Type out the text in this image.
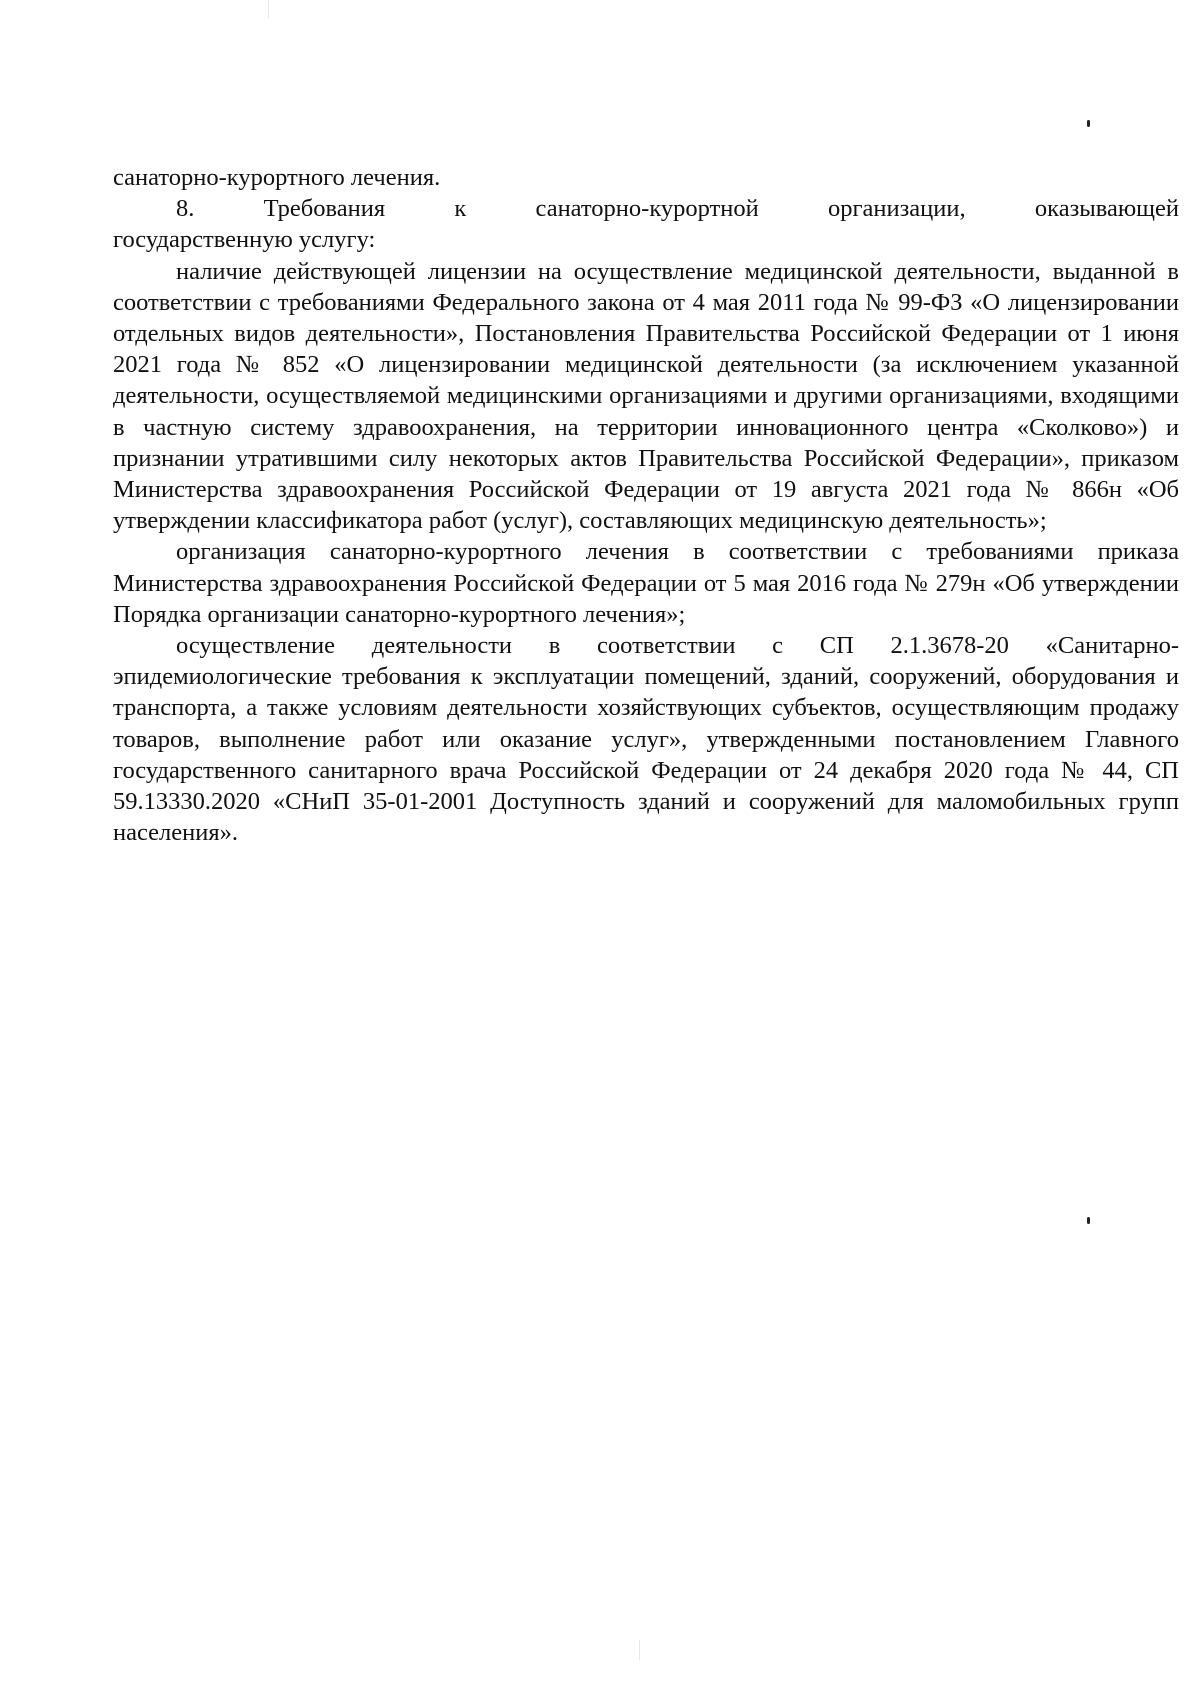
санаторно-курортного лечения.

8.	Требования	к	санаторно-курортной	организации,	оказывающей

государственную услугу:

наличие действующей лицензии на осуществление медицинской деятельности, выданной в соответствии с требованиями Федерального закона от 4 мая 2011 года № 99-ФЗ «О лицензировании отдельных видов деятельности», Постановления Правительства Российской Федерации от 1 июня 2021 года № 852 «О лицензировании медицинской деятельности (за исключением указанной деятельности, осуществляемой медицинскими организациями и другими организациями, входящими в частную систему здравоохранения, на территории инновационного центра «Сколково») и признании утратившими силу некоторых актов Правительства Российской Федерации», приказом Министерства здравоохранения Российской Федерации от 19 августа 2021 года № 866н «Об утверждении классификатора работ (услуг), составляющих медицинскую деятельность»;

организация санаторно-курортного лечения в соответствии с требованиями приказа Министерства здравоохранения Российской Федерации от 5 мая 2016 года № 279н «Об утверждении Порядка организации санаторно-курортного лечения»;

осуществление деятельности в соответствии с СП 2.1.3678-20 «Санитарно-эпидемиологические требования к эксплуатации помещений, зданий, сооружений, оборудования и транспорта, а также условиям деятельности хозяйствующих субъектов, осуществляющим продажу товаров, выполнение работ или оказание услуг», утвержденными постановлением Главного государственного санитарного врача Российской Федерации от 24 декабря 2020 года № 44, СП 59.13330.2020 «СНиП 35-01-2001 Доступность зданий и сооружений для маломобильных групп населения».
